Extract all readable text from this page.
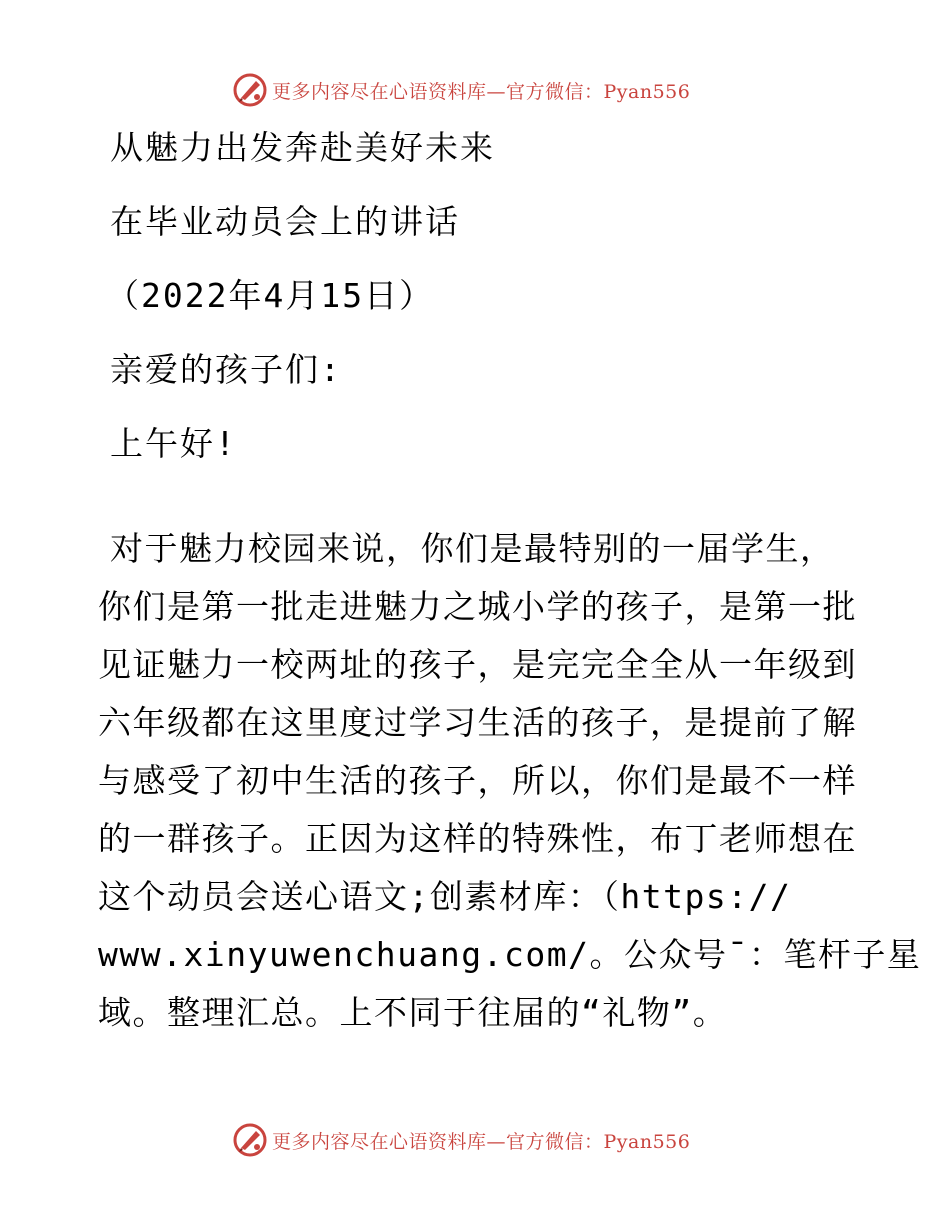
更多内容尽在心语资料库—官方微信：Pyan556
从魅力出发奔赴美好未来
在毕业动员会上的讲话
（2022年4月15日）
亲爱的孩子们:
上午好!
对于魅力校园来说，你们是最特别的一届学生，
你们是第一批走进魅力之城小学的孩子，是第一批
见证魅力一校两址的孩子，是完完全全从一年级到
六年级都在这里度过学习生活的孩子，是提前了解
与感受了初中生活的孩子，所以，你们是最不一样
的一群孩子。正因为这样的特殊性，布丁老师想在
这个动员会送心语文;创素材库：（https://
www.xinyuwenchuang.com/。公众号¯：笔杆子星
域。整理汇总。上不同于往届的“礼物”。
更多内容尽在心语资料库—官方微信：Pyan556
